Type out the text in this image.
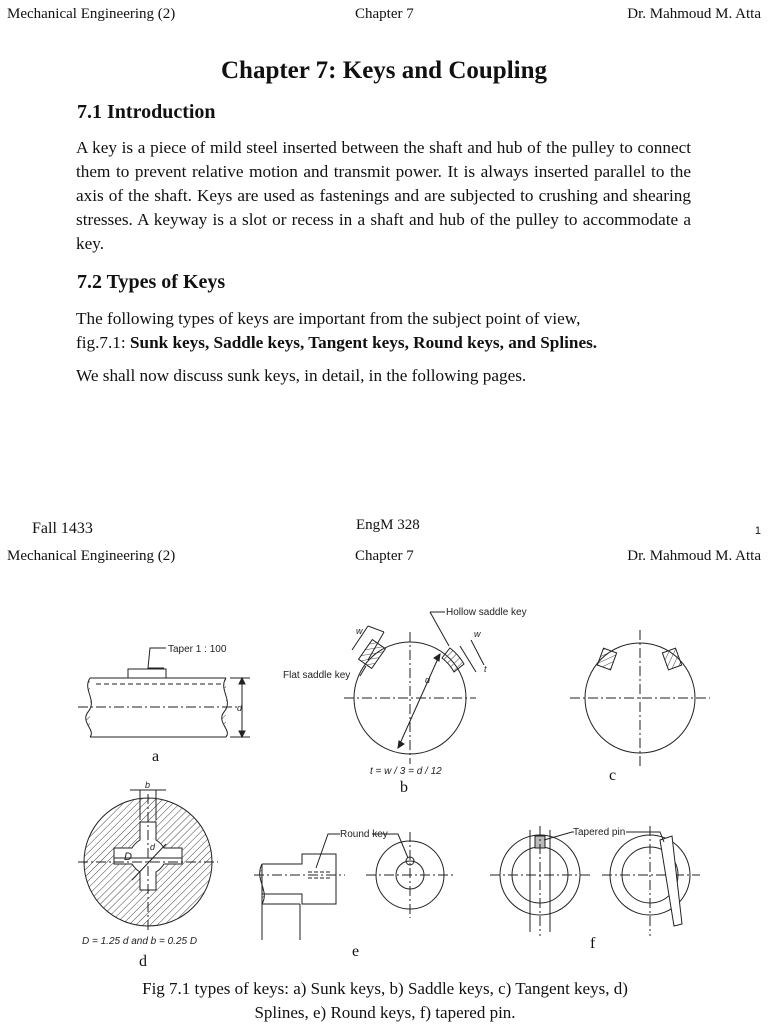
Mechanical Engineering (2)	Chapter 7	Dr. Mahmoud M. Atta
Chapter 7: Keys and Coupling
7.1 Introduction
A key is a piece of mild steel inserted between the shaft and hub of the pulley to connect them to prevent relative motion and transmit power. It is always inserted parallel to the axis of the shaft. Keys are used as fastenings and are subjected to crushing and shearing stresses. A keyway is a slot or recess in a shaft and hub of the pulley to accommodate a key.
7.2 Types of Keys
The following types of keys are important from the subject point of view,
fig.7.1: Sunk keys, Saddle keys, Tangent keys, Round keys, and Splines.
We shall now discuss sunk keys, in detail, in the following pages.
Fall 1433	EngM 328	1
Mechanical Engineering (2)	Chapter 7	Dr. Mahmoud M. Atta
Taper 1 : 100
d
Hollow saddle key
Flat saddle key	d
w	w
t
t = w / 3 = d / 12
b
D
d
D = 1.25 d and b = 0.25 D
Round key	Tapered pin
a
b
c
d
e	f
Fig 7.1 types of keys: a) Sunk keys, b) Saddle keys, c) Tangent keys, d)
Splines, e) Round keys, f) tapered pin.
